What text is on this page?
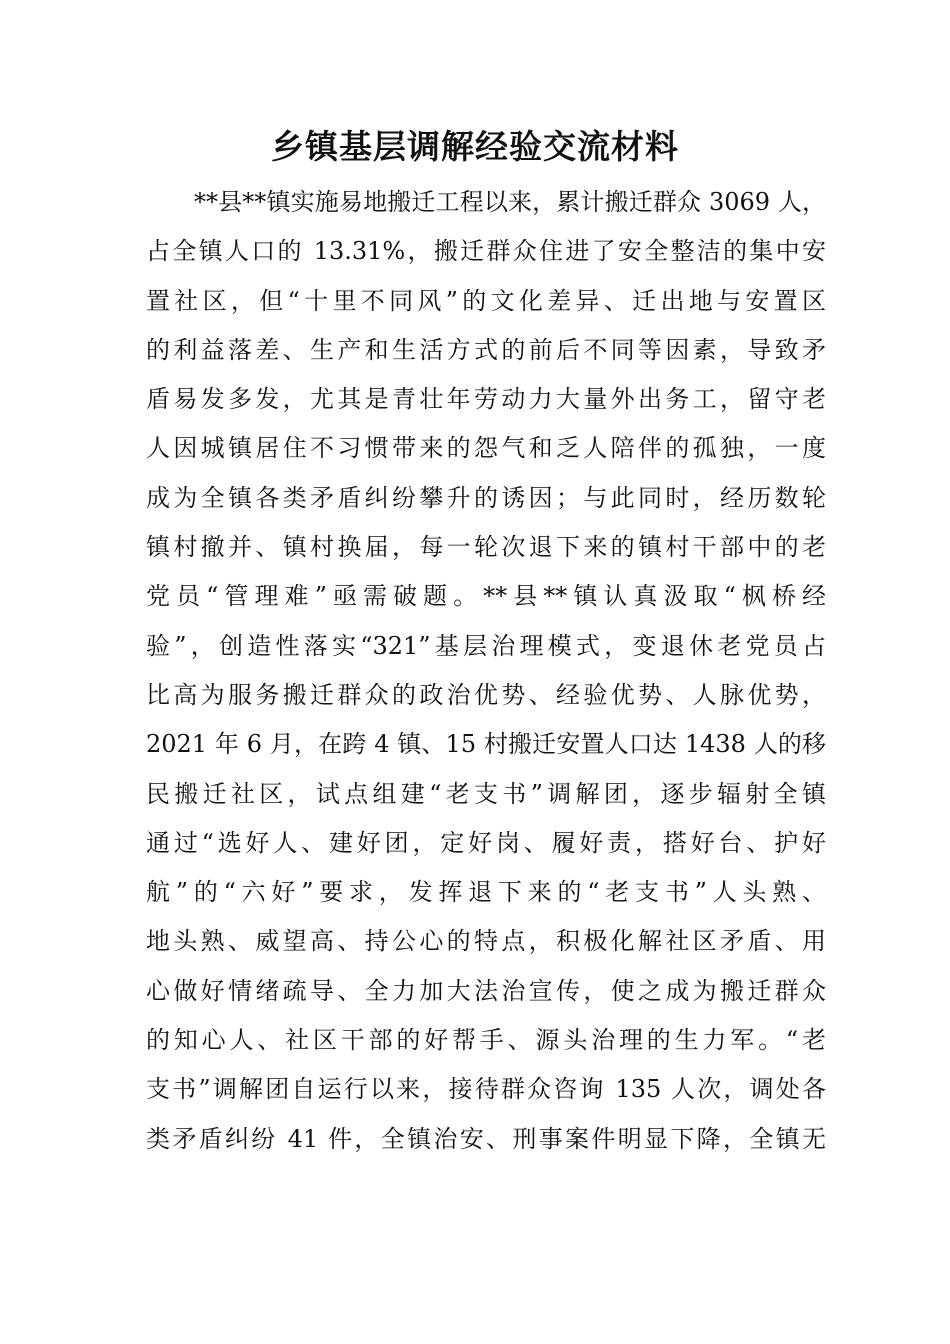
乡镇基层调解经验交流材料
**县**镇实施易地搬迁工程以来，累计搬迁群众 3069 人，
占全镇人口的 13.31%，搬迁群众住进了安全整洁的集中安
置社区，但“十里不同风”的文化差异、迁出地与安置区
的利益落差、生产和生活方式的前后不同等因素，导致矛
盾易发多发，尤其是青壮年劳动力大量外出务工，留守老
人因城镇居住不习惯带来的怨气和乏人陪伴的孤独，一度
成为全镇各类矛盾纠纷攀升的诱因；与此同时，经历数轮
镇村撤并、镇村换届，每一轮次退下来的镇村干部中的老
党员“管理难”亟需破题。**县**镇认真汲取“枫桥经
验”，创造性落实“321”基层治理模式，变退休老党员占
比高为服务搬迁群众的政治优势、经验优势、人脉优势，
2021 年 6 月，在跨 4 镇、15 村搬迁安置人口达 1438 人的移
民搬迁社区，试点组建“老支书”调解团，逐步辐射全镇
通过“选好人、建好团，定好岗、履好责，搭好台、护好
航”的“六好”要求，发挥退下来的“老支书”人头熟、
地头熟、威望高、持公心的特点，积极化解社区矛盾、用
心做好情绪疏导、全力加大法治宣传，使之成为搬迁群众
的知心人、社区干部的好帮手、源头治理的生力军。“老
支书”调解团自运行以来，接待群众咨询 135 人次，调处各
类矛盾纠纷 41 件，全镇治安、刑事案件明显下降，全镇无
